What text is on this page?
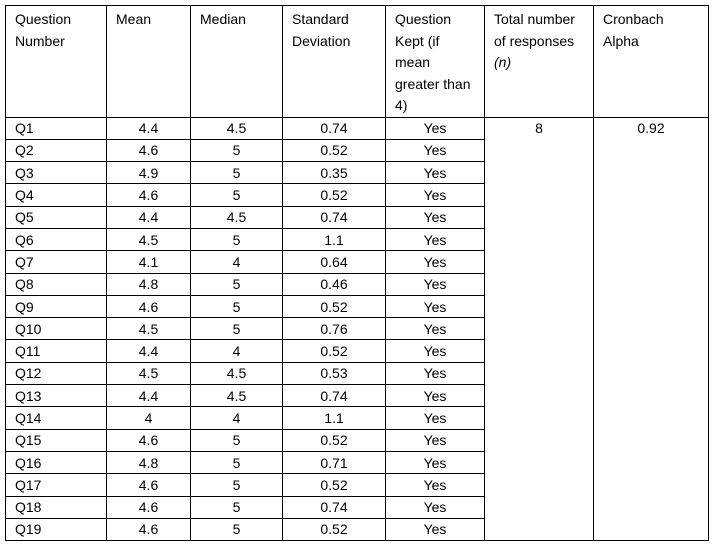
Question Number	Mean	Median	Standard Deviation	Question Kept (if mean greater than 4)	Total number of responses (n)	Cronbach Alpha
Q1	4.4	4.5	0.74	Yes	8	0.92
Q2	4.6	5	0.52	Yes		
Q3	4.9	5	0.35	Yes		
Q4	4.6	5	0.52	Yes		
Q5	4.4	4.5	0.74	Yes		
Q6	4.5	5	1.1	Yes		
Q7	4.1	4	0.64	Yes		
Q8	4.8	5	0.46	Yes		
Q9	4.6	5	0.52	Yes		
Q10	4.5	5	0.76	Yes		
Q11	4.4	4	0.52	Yes		
Q12	4.5	4.5	0.53	Yes		
Q13	4.4	4.5	0.74	Yes		
Q14	4	4	1.1	Yes		
Q15	4.6	5	0.52	Yes		
Q16	4.8	5	0.71	Yes		
Q17	4.6	5	0.52	Yes		
Q18	4.6	5	0.74	Yes		
Q19	4.6	5	0.52	Yes		
